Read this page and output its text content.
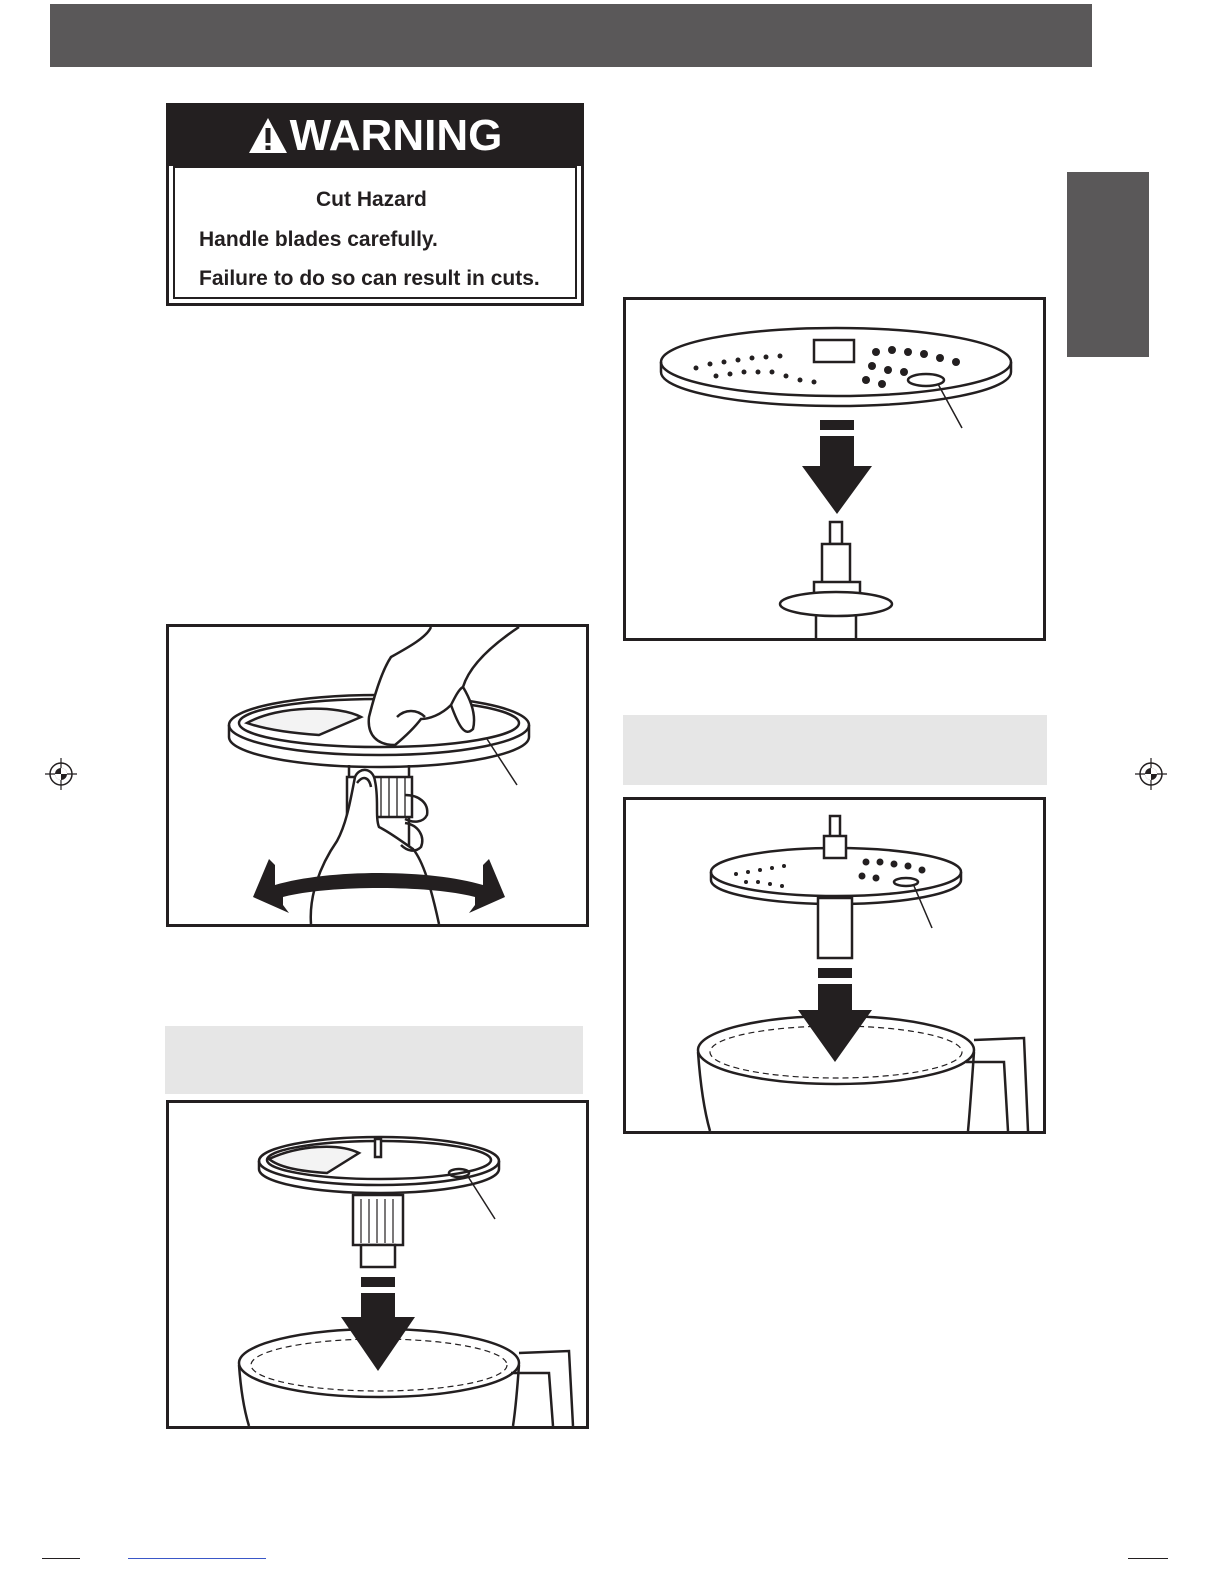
WARNING
Cut Hazard
Handle blades carefully.
Failure to do so can result in cuts.
